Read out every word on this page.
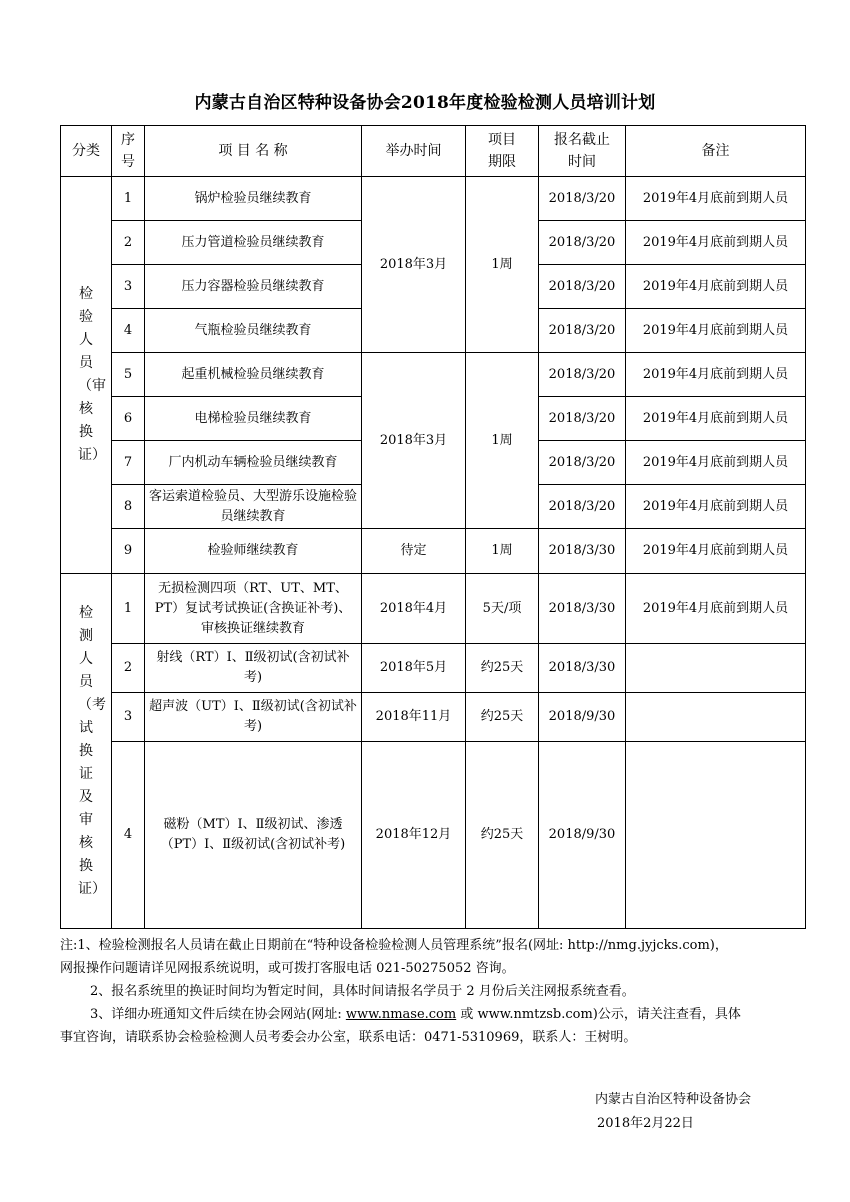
内蒙古自治区特种设备协会2018年度检验检测人员培训计划
分类	序号	项 目 名 称	举办时间	项目期限	报名截止时间	备注
检验人员（审核换证）	1	锅炉检验员继续教育	2018年3月	1周	2018/3/20	2019年4月底前到期人员
	2	压力管道检验员继续教育			2018/3/20	2019年4月底前到期人员
	3	压力容器检验员继续教育			2018/3/20	2019年4月底前到期人员
	4	气瓶检验员继续教育			2018/3/20	2019年4月底前到期人员
	5	起重机械检验员继续教育	2018年3月	1周	2018/3/20	2019年4月底前到期人员
	6	电梯检验员继续教育			2018/3/20	2019年4月底前到期人员
	7	厂内机动车辆检验员继续教育			2018/3/20	2019年4月底前到期人员
	8	客运索道检验员、大型游乐设施检验员继续教育			2018/3/20	2019年4月底前到期人员
	9	检验师继续教育	待定	1周	2018/3/30	2019年4月底前到期人员
检测人员（考试换证及审核换证）	1	无损检测四项（RT、UT、MT、PT）复试考试换证(含换证补考)、审核换证继续教育	2018年4月	5天/项	2018/3/30	2019年4月底前到期人员
	2	射线（RT）Ⅰ、Ⅱ级初试(含初试补考)	2018年5月	约25天	2018/3/30	
	3	超声波（UT）Ⅰ、Ⅱ级初试(含初试补考)	2018年11月	约25天	2018/9/30	
	4	磁粉（MT）Ⅰ、Ⅱ级初试、渗透（PT）Ⅰ、Ⅱ级初试(含初试补考)	2018年12月	约25天	2018/9/30	

注:1、检验检测报名人员请在截止日期前在“特种设备检验检测人员管理系统”报名(网址: http://nmg.jyjcks.com)，

网报操作问题请详见网报系统说明，或可拨打客服电话 021-50275052 咨询。

2、报名系统里的换证时间均为暂定时间，具体时间请报名学员于 2 月份后关注网报系统查看。

3、详细办班通知文件后续在协会网站(网址: www.nmase.com 或 www.nmtzsb.com)公示，请关注查看，具体

事宜咨询，请联系协会检验检测人员考委会办公室，联系电话：0471-5310969，联系人：王树明。

内蒙古自治区特种设备协会
2018年2月22日
